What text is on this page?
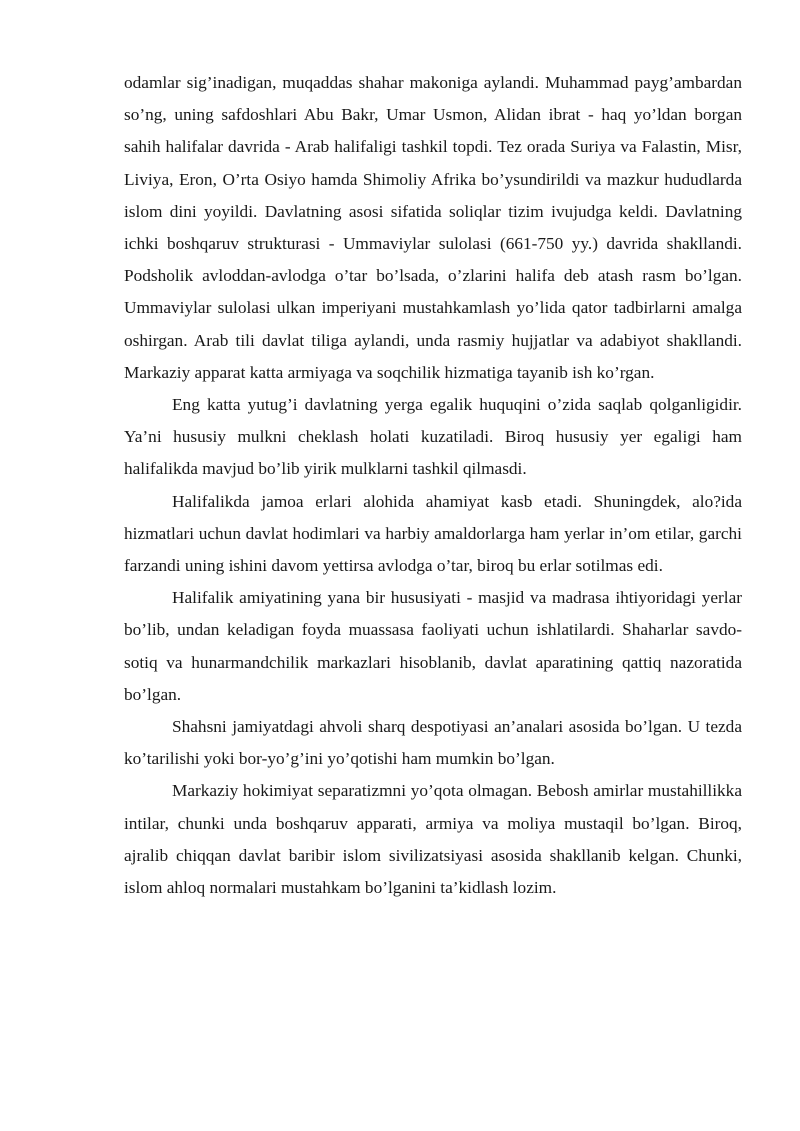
odamlar sig’inadigan, muqaddas shahar makoniga aylandi. Muhammad payg’ambardan so’ng, uning safdoshlari Abu Bakr, Umar Usmon, Alidan ibrat - haq yo’ldan borgan sahih halifalar davrida - Arab halifaligi tashkil topdi. Tez orada Suriya va Falastin, Misr, Liviya, Eron, O’rta Osiyo hamda Shimoliy Afrika bo’ysundirildi va mazkur hududlarda islom dini yoyildi. Davlatning asosi sifatida soliqlar tizim ivujudga keldi. Davlatning ichki boshqaruv strukturasi - Ummaviylar sulolasi (661-750 yy.) davrida shakllandi. Podsholik avloddan-avlodga o’tar bo’lsada, o’zlarini halifa deb atash rasm bo’lgan. Ummaviylar sulolasi ulkan imperiyani mustahkamlash yo’lida qator tadbirlarni amalga oshirgan. Arab tili davlat tiliga aylandi, unda rasmiy hujjatlar va adabiyot shakllandi. Markaziy apparat katta armiyaga va soqchilik hizmatiga tayanib ish ko’rgan.

Eng katta yutug’i davlatning yerga egalik huquqini o’zida saqlab qolganligidir. Ya’ni hususiy mulkni cheklash holati kuzatiladi. Biroq hususiy yer egaligi ham halifalikda mavjud bo’lib yirik mulklarni tashkil qilmasdi.

Halifalikda jamoa erlari alohida ahamiyat kasb etadi. Shuningdek, alo?ida hizmatlari uchun davlat hodimlari va harbiy amaldorlarga ham yerlar in’om etilar, garchi farzandi uning ishini davom yettirsa avlodga o’tar, biroq bu erlar sotilmas edi.

Halifalik amiyatining yana bir hususiyati - masjid va madrasa ihtiyoridagi yerlar bo’lib, undan keladigan foyda muassasa faoliyati uchun ishlatilardi. Shaharlar savdo-sotiq va hunarmandchilik markazlari hisoblanib, davlat aparatining qattiq nazoratida bo’lgan.

Shahsni jamiyatdagi ahvoli sharq despotiyasi an’analari asosida bo’lgan. U tezda ko’tarilishi yoki bor-yo’g’ini yo’qotishi ham mumkin bo’lgan.

Markaziy hokimiyat separatizmni yo’qota olmagan. Bebosh amirlar mustahillikka intilar, chunki unda boshqaruv apparati, armiya va moliya mustaqil bo’lgan. Biroq, ajralib chiqqan davlat baribir islom sivilizatsiyasi asosida shakllanib kelgan. Chunki, islom ahloq normalari mustahkam bo’lganini ta’kidlash lozim.
